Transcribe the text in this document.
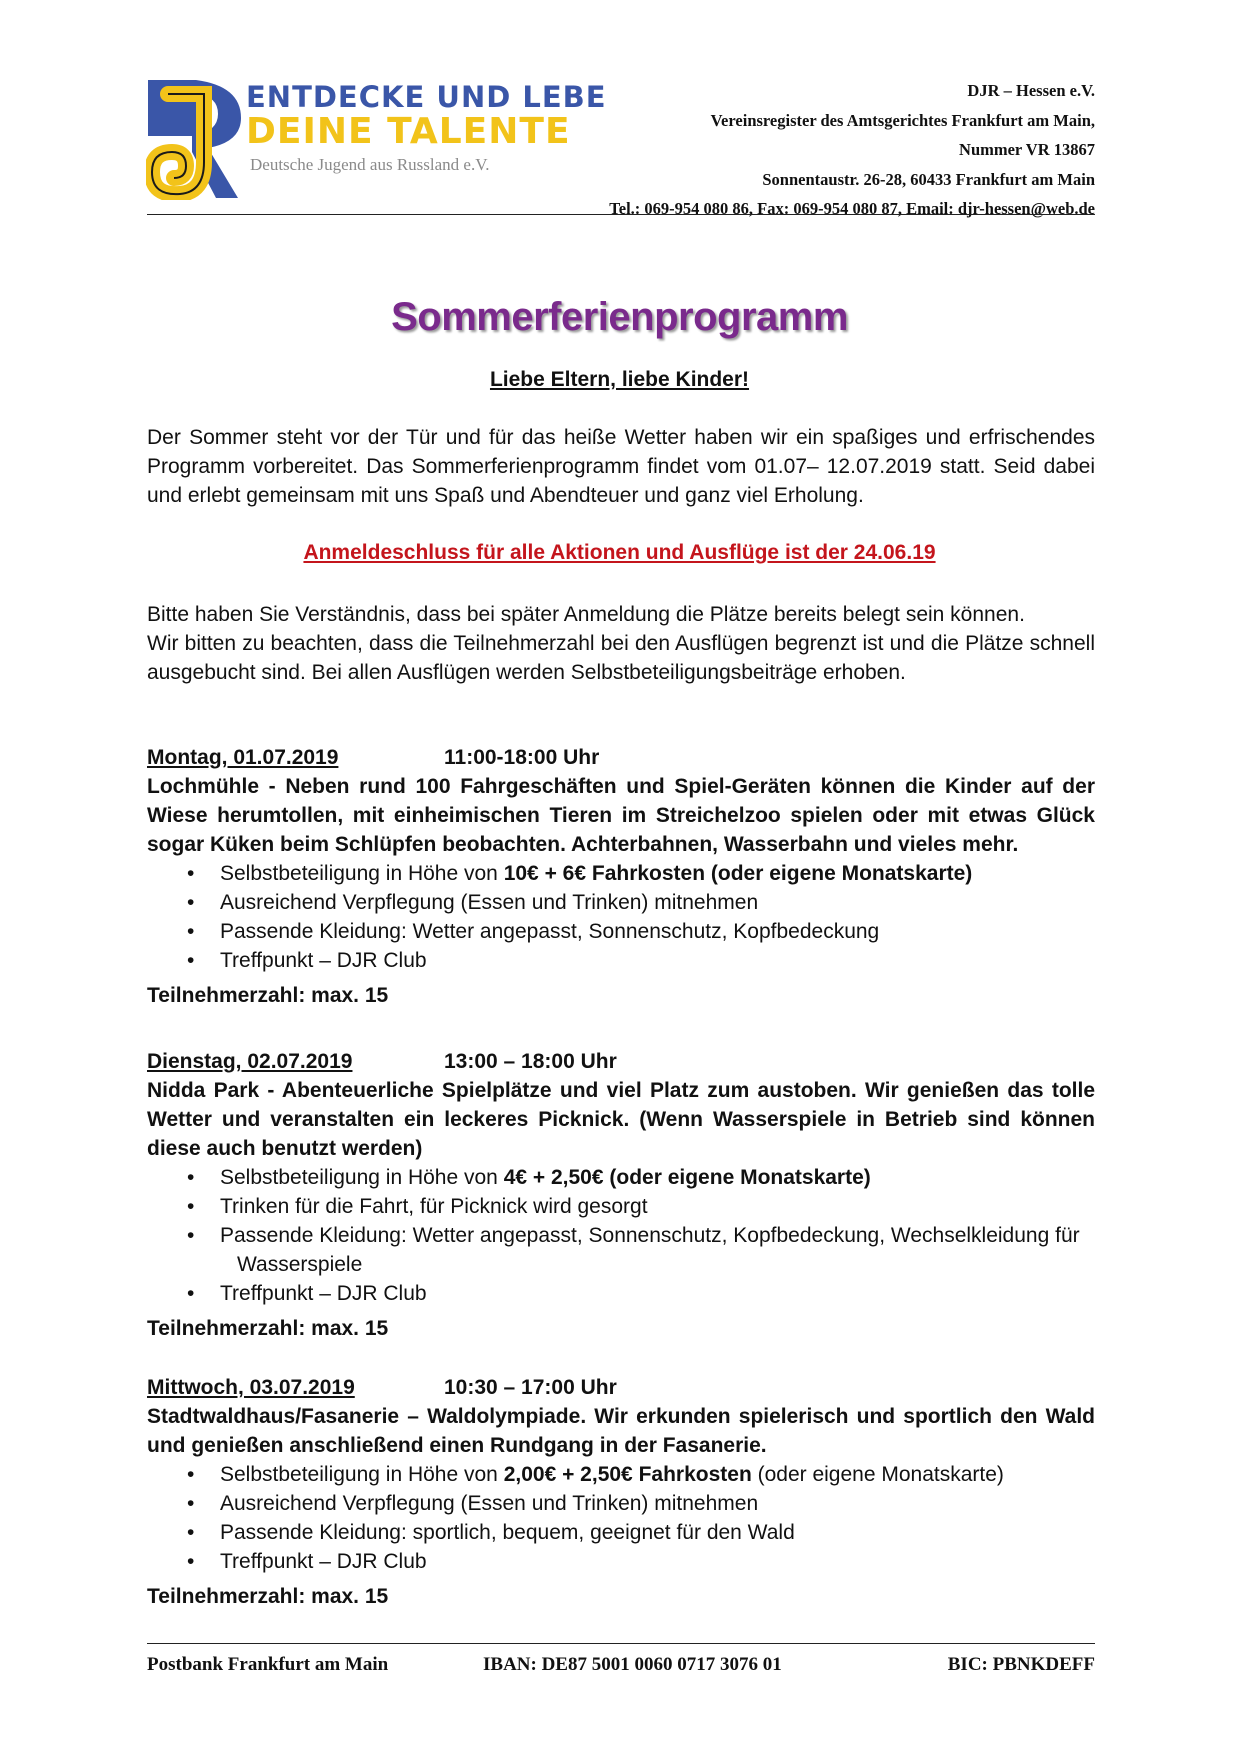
ENTDECKE UND LEBE
DEINE TALENTE
Deutsche Jugend aus Russland e.V.
DJR – Hessen e.V.
Vereinsregister des Amtsgerichtes Frankfurt am Main,
Nummer VR 13867
Sonnentaustr. 26-28, 60433 Frankfurt am Main
Tel.: 069-954 080 86, Fax: 069-954 080 87, Email: djr-hessen@web.de
Sommerferienprogramm
Liebe Eltern, liebe Kinder!
Der Sommer steht vor der Tür und für das heiße Wetter haben wir ein spaßiges und erfrischendes Programm vorbereitet. Das Sommerferienprogramm findet vom 01.07– 12.07.2019 statt. Seid dabei und erlebt gemeinsam mit uns Spaß und Abendteuer und ganz viel Erholung.
Anmeldeschluss für alle Aktionen und Ausflüge ist der 24.06.19
Bitte haben Sie Verständnis, dass bei später Anmeldung die Plätze bereits belegt sein können.
Wir bitten zu beachten, dass die Teilnehmerzahl bei den Ausflügen begrenzt ist und die Plätze schnell ausgebucht sind. Bei allen Ausflügen werden Selbstbeteiligungsbeiträge erhoben.
Montag, 01.07.2019	11:00-18:00 Uhr
Lochmühle - Neben rund 100 Fahrgeschäften und Spiel-Geräten können die Kinder auf der Wiese herumtollen, mit einheimischen Tieren im Streichelzoo spielen oder mit etwas Glück sogar Küken beim Schlüpfen beobachten. Achterbahnen, Wasserbahn und vieles mehr.
• Selbstbeteiligung in Höhe von 10€ + 6€ Fahrkosten (oder eigene Monatskarte)
• Ausreichend Verpflegung (Essen und Trinken) mitnehmen
• Passende Kleidung: Wetter angepasst, Sonnenschutz, Kopfbedeckung
• Treffpunkt – DJR Club
Teilnehmerzahl: max. 15
Dienstag, 02.07.2019	13:00 – 18:00 Uhr
Nidda Park - Abenteuerliche Spielplätze und viel Platz zum austoben. Wir genießen das tolle Wetter und veranstalten ein leckeres Picknick. (Wenn Wasserspiele in Betrieb sind können diese auch benutzt werden)
• Selbstbeteiligung in Höhe von 4€ + 2,50€ (oder eigene Monatskarte)
• Trinken für die Fahrt, für Picknick wird gesorgt
• Passende Kleidung: Wetter angepasst, Sonnenschutz, Kopfbedeckung, Wechselkleidung für
Wasserspiele
• Treffpunkt – DJR Club
Teilnehmerzahl: max. 15
Mittwoch, 03.07.2019	10:30 – 17:00 Uhr
Stadtwaldhaus/Fasanerie – Waldolympiade. Wir erkunden spielerisch und sportlich den Wald und genießen anschließend einen Rundgang in der Fasanerie.
• Selbstbeteiligung in Höhe von 2,00€ + 2,50€ Fahrkosten (oder eigene Monatskarte)
• Ausreichend Verpflegung (Essen und Trinken) mitnehmen
• Passende Kleidung: sportlich, bequem, geeignet für den Wald
• Treffpunkt – DJR Club
Teilnehmerzahl: max. 15
Postbank Frankfurt am Main	IBAN: DE87 5001 0060 0717 3076 01	BIC: PBNKDEFF
